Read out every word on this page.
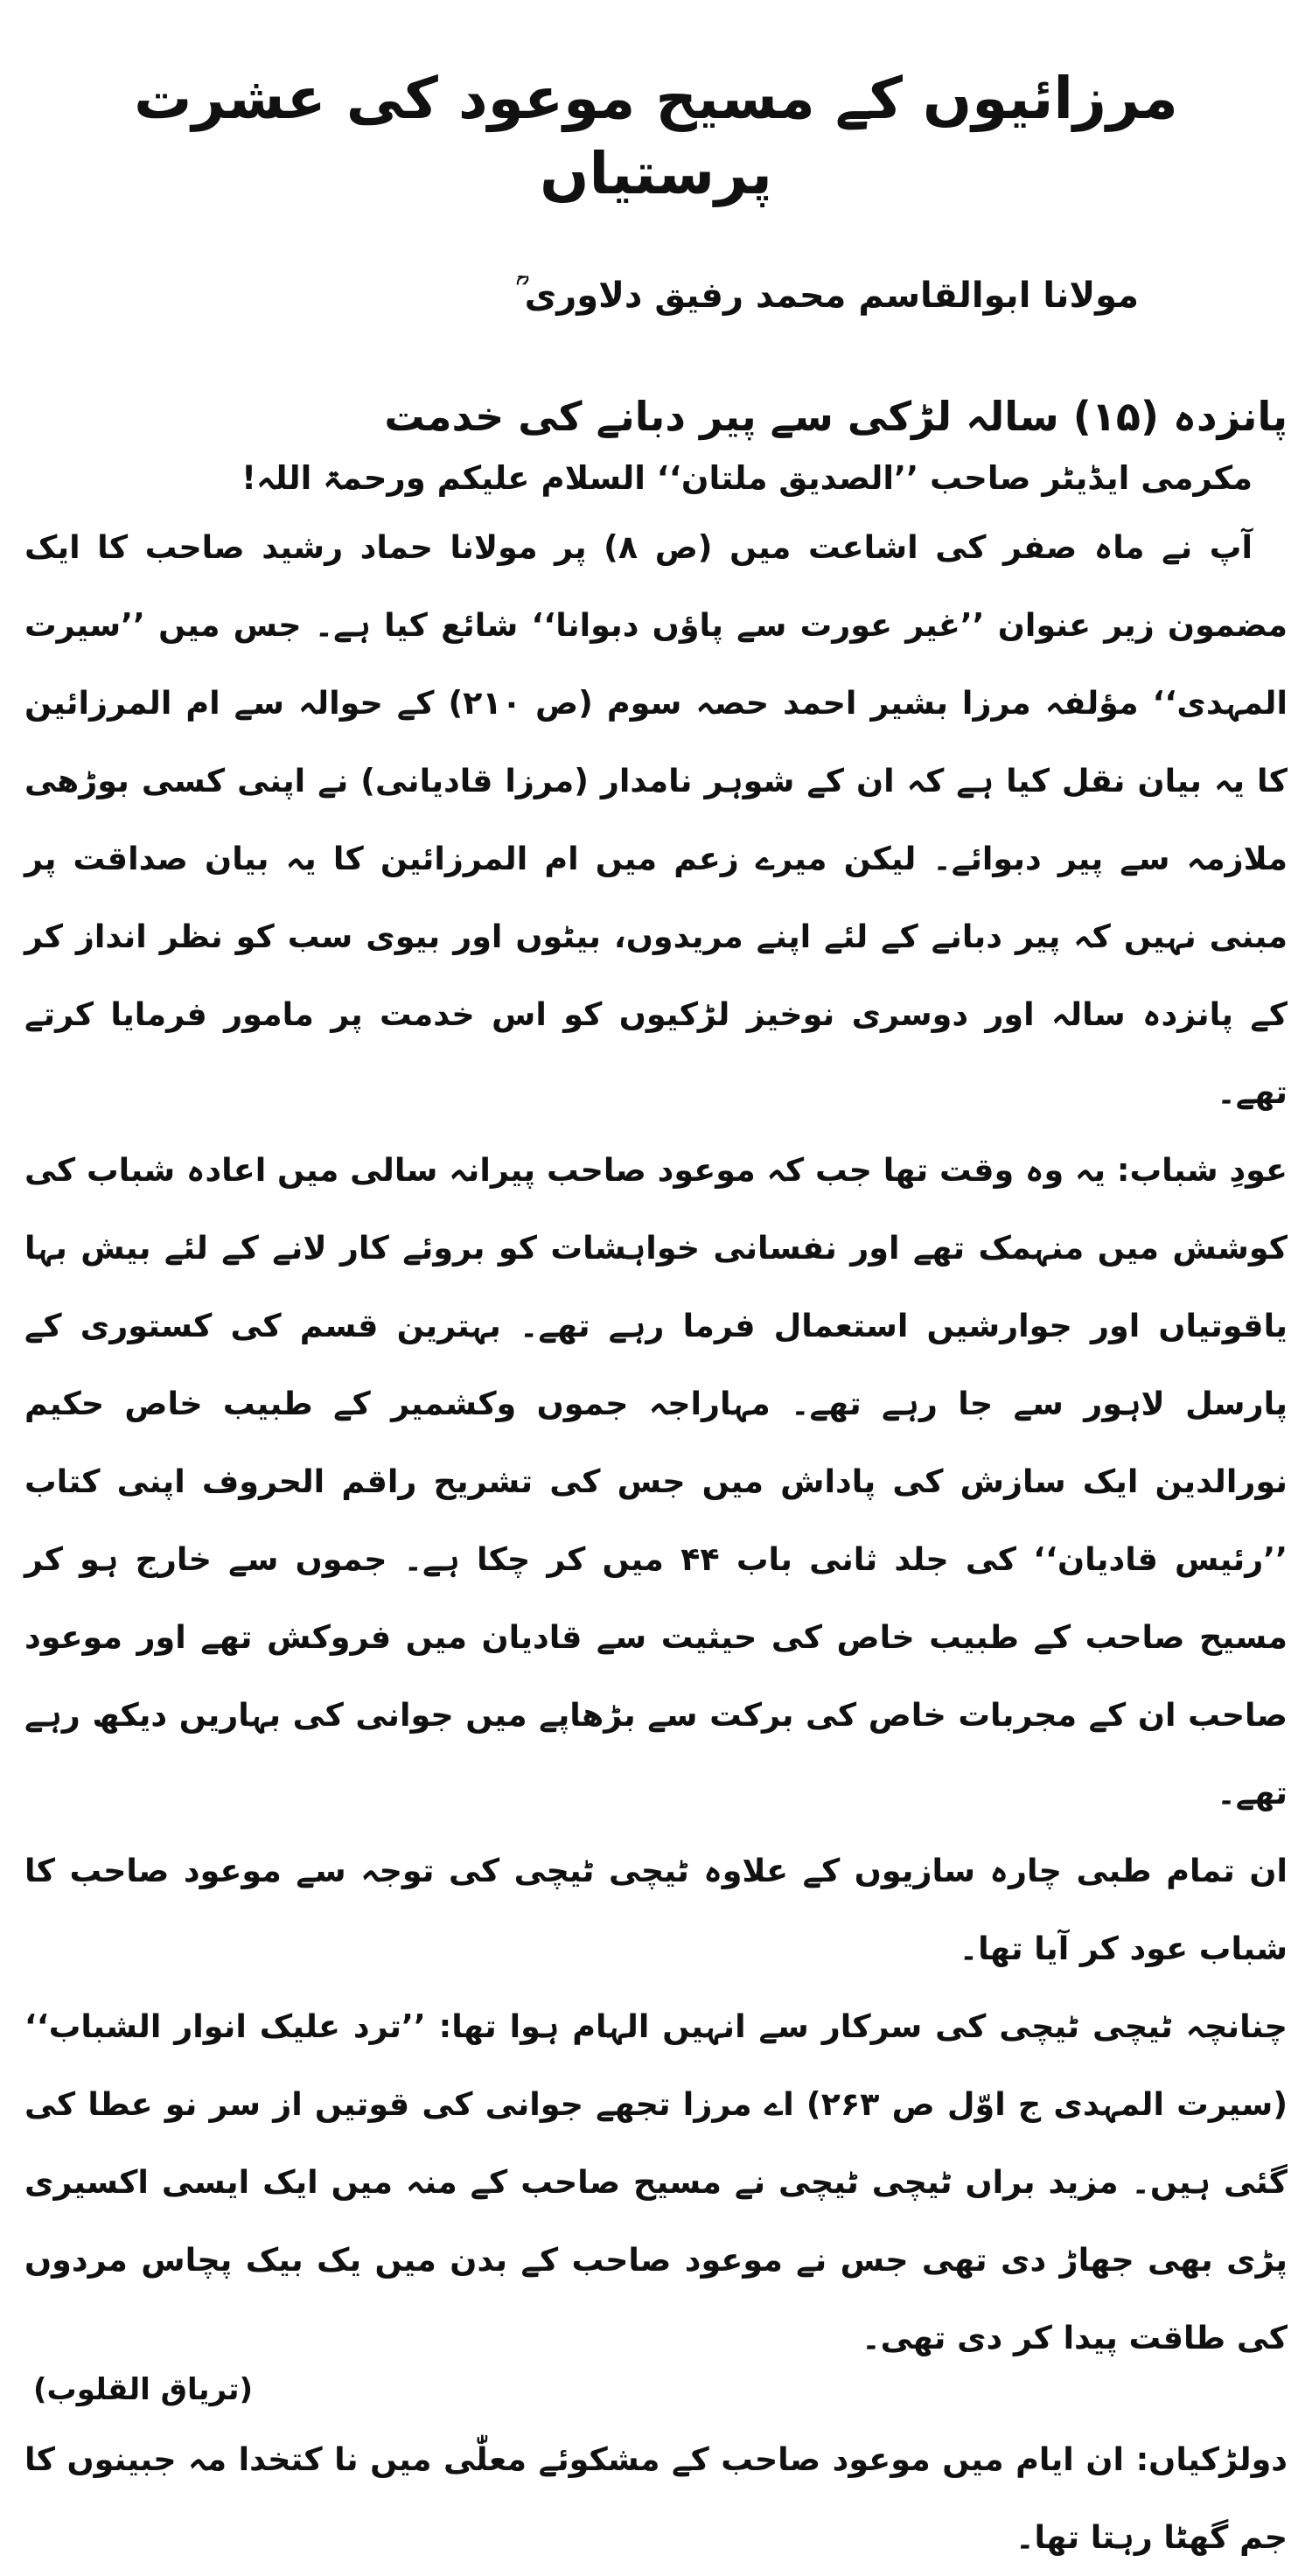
مرزائیوں کے مسیح موعود کی عشرت پرستیاں
مولانا ابوالقاسم محمد رفیق دلاوری ؒ
پانزدہ (۱۵) سالہ لڑکی سے پیر دبانے کی خدمت
مکرمی ایڈیٹر صاحب ’’الصدیق ملتان‘‘ السلام علیکم ورحمۃ اللہ!

آپ نے ماہ صفر کی اشاعت میں (ص ۸) پر مولانا حماد رشید صاحب کا ایک مضمون زیر عنوان ’’غیر عورت سے پاؤں دبوانا‘‘ شائع کیا ہے۔ جس میں ’’سیرت المہدی‘‘ مؤلفہ مرزا بشیر احمد حصہ سوم (ص ۲۱۰) کے حوالہ سے ام المرزائین کا یہ بیان نقل کیا ہے کہ ان کے شوہر نامدار (مرزا قادیانی) نے اپنی کسی بوڑھی ملازمہ سے پیر دبوائے۔ لیکن میرے زعم میں ام المرزائین کا یہ بیان صداقت پر مبنی نہیں کہ پیر دبانے کے لئے اپنے مریدوں، بیٹوں اور بیوی سب کو نظر انداز کر کے پانزدہ سالہ اور دوسری نوخیز لڑکیوں کو اس خدمت پر مامور فرمایا کرتے تھے۔

عودِ شباب: یہ وہ وقت تھا جب کہ موعود صاحب پیرانہ سالی میں اعادہ شباب کی کوشش میں منہمک تھے اور نفسانی خواہشات کو بروئے کار لانے کے لئے بیش بہا یاقوتیاں اور جوارشیں استعمال فرما رہے تھے۔ بہترین قسم کی کستوری کے پارسل لاہور سے جا رہے تھے۔ مہاراجہ جموں وکشمیر کے طبیب خاص حکیم نورالدین ایک سازش کی پاداش میں جس کی تشریح راقم الحروف اپنی کتاب ’’رئیس قادیان‘‘ کی جلد ثانی باب ۴۴ میں کر چکا ہے۔ جموں سے خارج ہو کر مسیح صاحب کے طبیب خاص کی حیثیت سے قادیان میں فروکش تھے اور موعود صاحب ان کے مجربات خاص کی برکت سے بڑھاپے میں جوانی کی بہاریں دیکھ رہے تھے۔

ان تمام طبی چارہ سازیوں کے علاوہ ٹیچی ٹیچی کی توجہ سے موعود صاحب کا شباب عود کر آیا تھا۔

چنانچہ ٹیچی ٹیچی کی سرکار سے انہیں الہام ہوا تھا: ’’ترد علیک انوار الشباب‘‘ (سیرت المہدی ج اوّل ص ۲۶۳) اے مرزا تجھے جوانی کی قوتیں از سر نو عطا کی گئی ہیں۔ مزید براں ٹیچی ٹیچی نے مسیح صاحب کے منہ میں ایک ایسی اکسیری پڑی بھی جھاڑ دی تھی جس نے موعود صاحب کے بدن میں یک بیک پچاس مردوں کی طاقت پیدا کر دی تھی۔

(تریاق القلوب)

دولڑکیاں: ان ایام میں موعود صاحب کے مشکوئے معلّٰی میں نا کتخدا مہ جبینوں کا جم گھٹا رہتا تھا۔
